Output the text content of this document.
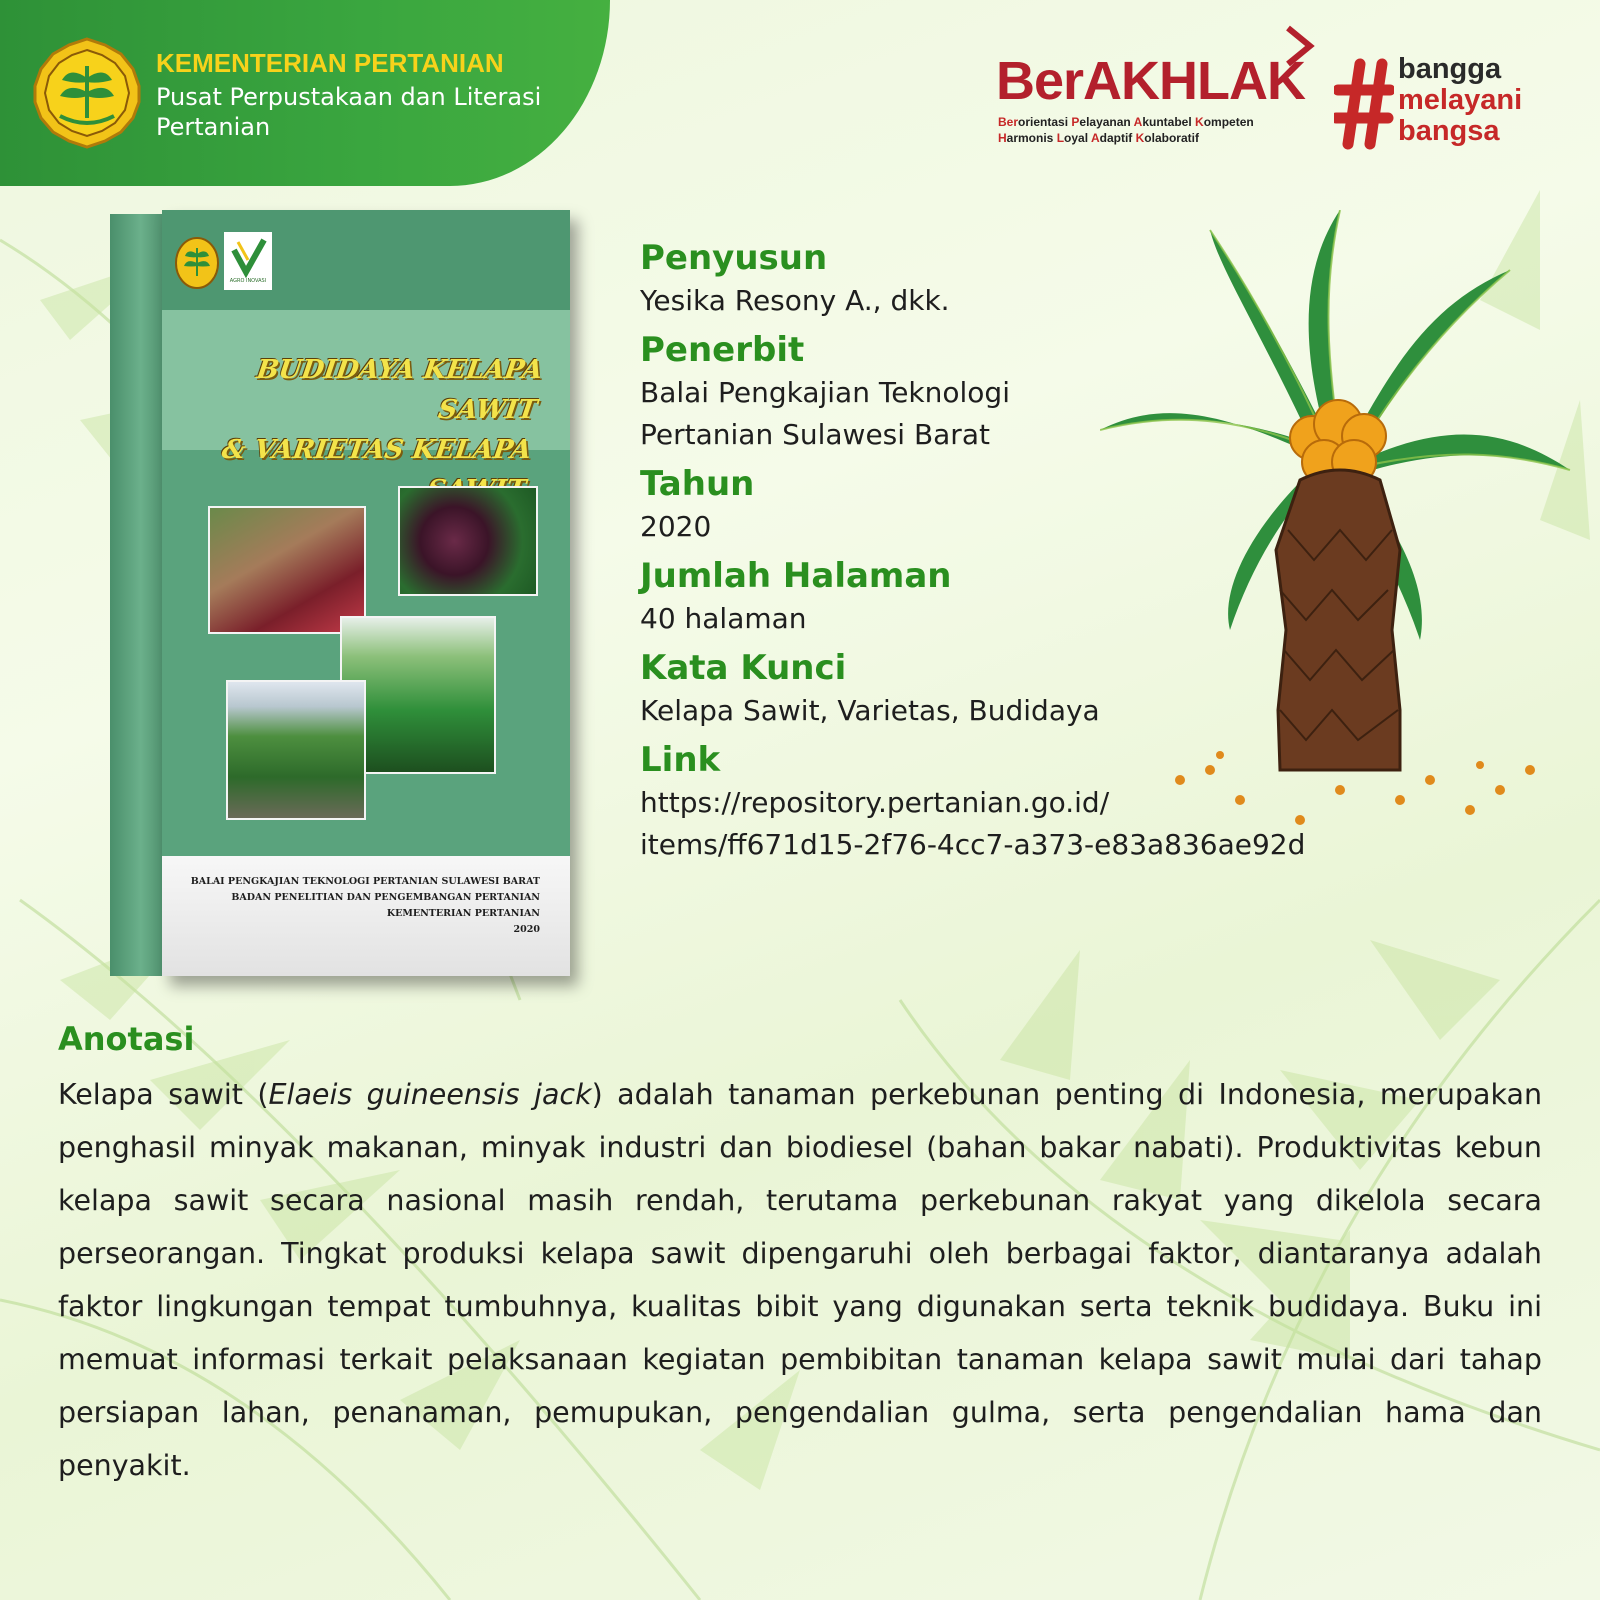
KEMENTERIAN PERTANIAN
Pusat Perpustakaan dan Literasi Pertanian
BerAKHLAK
Berorientasi Pelayanan Akuntabel Kompeten
Harmonis Loyal Adaptif Kolaboratif
bangga
melayani
bangsa
AGRO INOVASI
BUDIDAYA KELAPA SAWIT
& VARIETAS KELAPA
BALAI PENGKAJIAN TEKNOLOGI PERTANIAN SULAWESI BARAT
BADAN PENELITIAN DAN PENGEMBANGAN PERTANIAN
KEMENTERIAN PERTANIAN
2020
Penyusun
Yesika Resony A., dkk.
Penerbit
Balai Pengkajian Teknologi
Pertanian Sulawesi Barat
Tahun
2020
Jumlah Halaman
40 halaman
Kata Kunci
Kelapa Sawit, Varietas, Budidaya
Link
https://repository.pertanian.go.id/
items/ff671d15-2f76-4cc7-a373-e83a836ae92d
Anotasi
Kelapa sawit (Elaeis guineensis jack) adalah tanaman perkebunan penting di Indonesia, merupakan penghasil minyak makanan, minyak industri dan biodiesel (bahan bakar nabati). Produktivitas kebun kelapa sawit secara nasional masih rendah, terutama perkebunan rakyat yang dikelola secara perseorangan. Tingkat produksi kelapa sawit dipengaruhi oleh berbagai faktor, diantaranya adalah faktor lingkungan tempat tumbuhnya, kualitas bibit yang digunakan serta teknik budidaya. Buku ini memuat informasi terkait pelaksanaan kegiatan pembibitan tanaman kelapa sawit mulai dari tahap persiapan lahan, penanaman, pemupukan, pengendalian gulma, serta pengendalian hama dan penyakit.
